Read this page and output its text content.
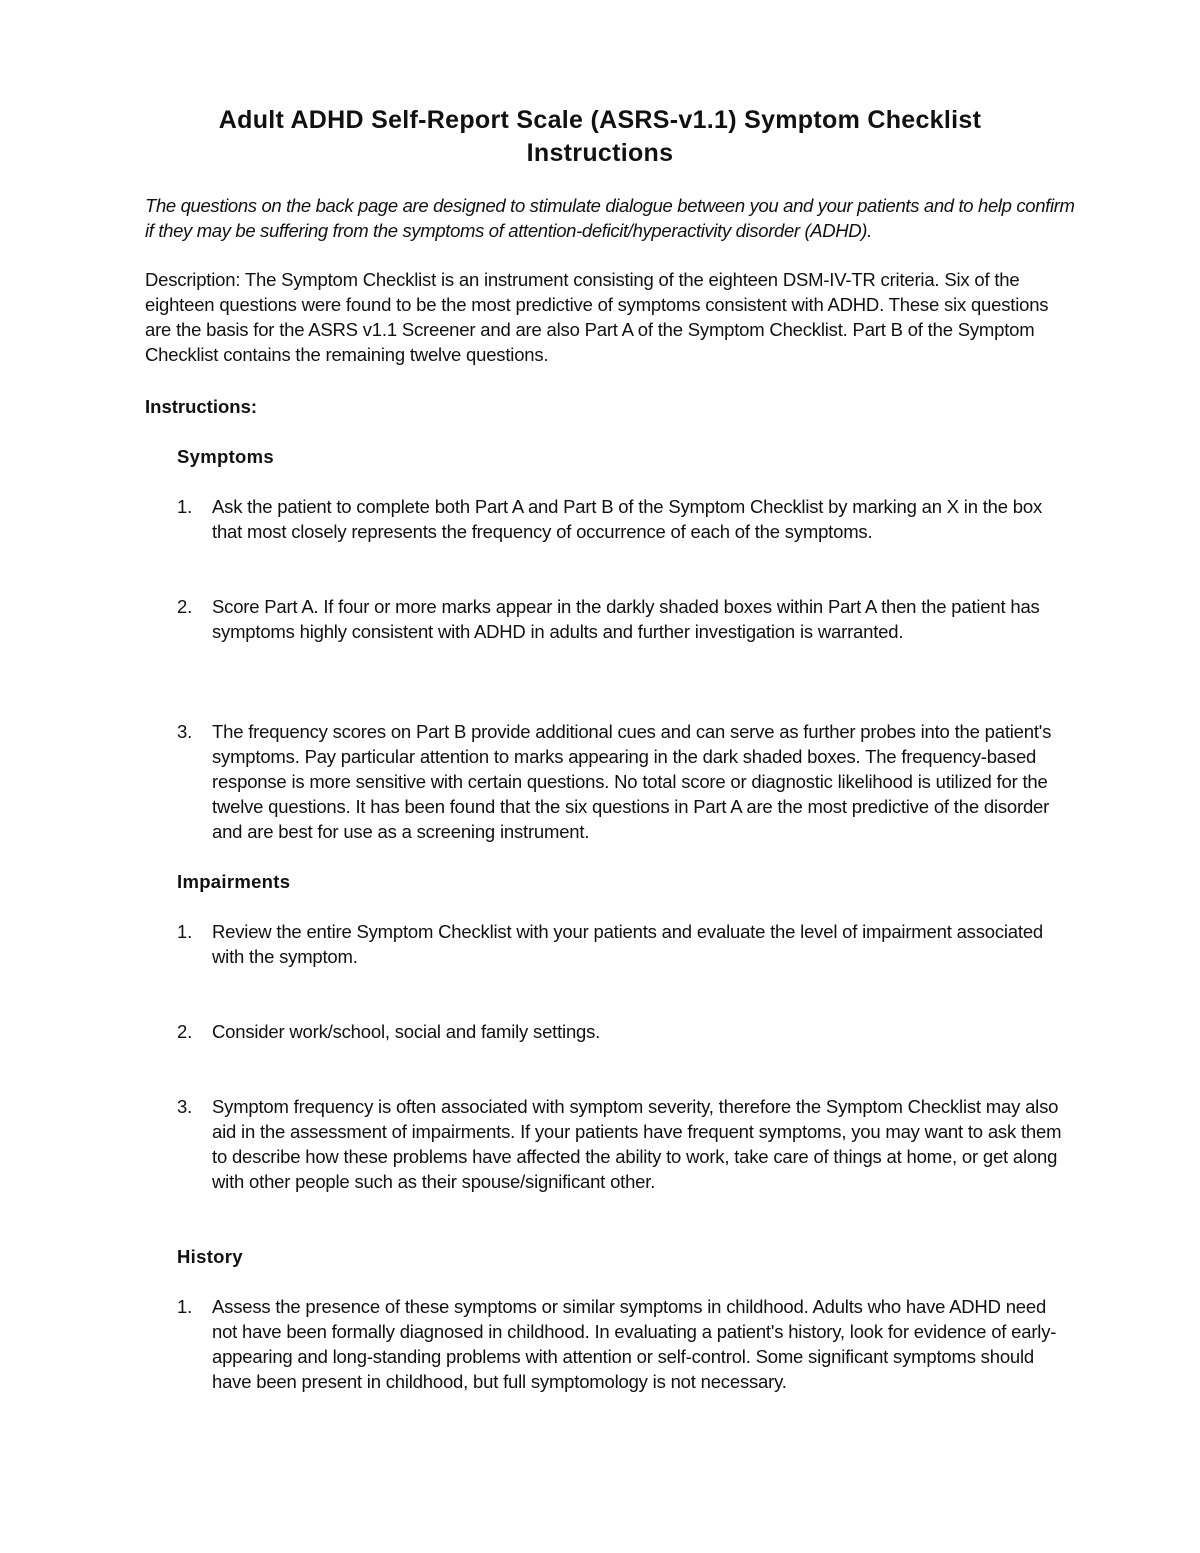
Adult ADHD Self-Report Scale (ASRS-v1.1) Symptom Checklist
Instructions
The questions on the back page are designed to stimulate dialogue between you and your patients and to help confirm if they may be suffering from the symptoms of attention-deficit/hyperactivity disorder (ADHD).
Description: The Symptom Checklist is an instrument consisting of the eighteen DSM-IV-TR criteria. Six of the eighteen questions were found to be the most predictive of symptoms consistent with ADHD. These six questions are the basis for the ASRS v1.1 Screener and are also Part A of the Symptom Checklist. Part B of the Symptom Checklist contains the remaining twelve questions.
Instructions:
Symptoms
1.	Ask the patient to complete both Part A and Part B of the Symptom Checklist by marking an X in the box that most closely represents the frequency of occurrence of each of the symptoms.
2.	Score Part A. If four or more marks appear in the darkly shaded boxes within Part A then the patient has symptoms highly consistent with ADHD in adults and further investigation is warranted.
3.	The frequency scores on Part B provide additional cues and can serve as further probes into the patient's symptoms. Pay particular attention to marks appearing in the dark shaded boxes. The frequency-based response is more sensitive with certain questions. No total score or diagnostic likelihood is utilized for the twelve questions. It has been found that the six questions in Part A are the most predictive of the disorder and are best for use as a screening instrument.
Impairments
1.	Review the entire Symptom Checklist with your patients and evaluate the level of impairment associated with the symptom.
2.	Consider work/school, social and family settings.
3.	Symptom frequency is often associated with symptom severity, therefore the Symptom Checklist may also aid in the assessment of impairments. If your patients have frequent symptoms, you may want to ask them to describe how these problems have affected the ability to work, take care of things at home, or get along with other people such as their spouse/significant other.
History
1.	Assess the presence of these symptoms or similar symptoms in childhood. Adults who have ADHD need not have been formally diagnosed in childhood. In evaluating a patient's history, look for evidence of early-appearing and long-standing problems with attention or self-control. Some significant symptoms should have been present in childhood, but full symptomology is not necessary.
